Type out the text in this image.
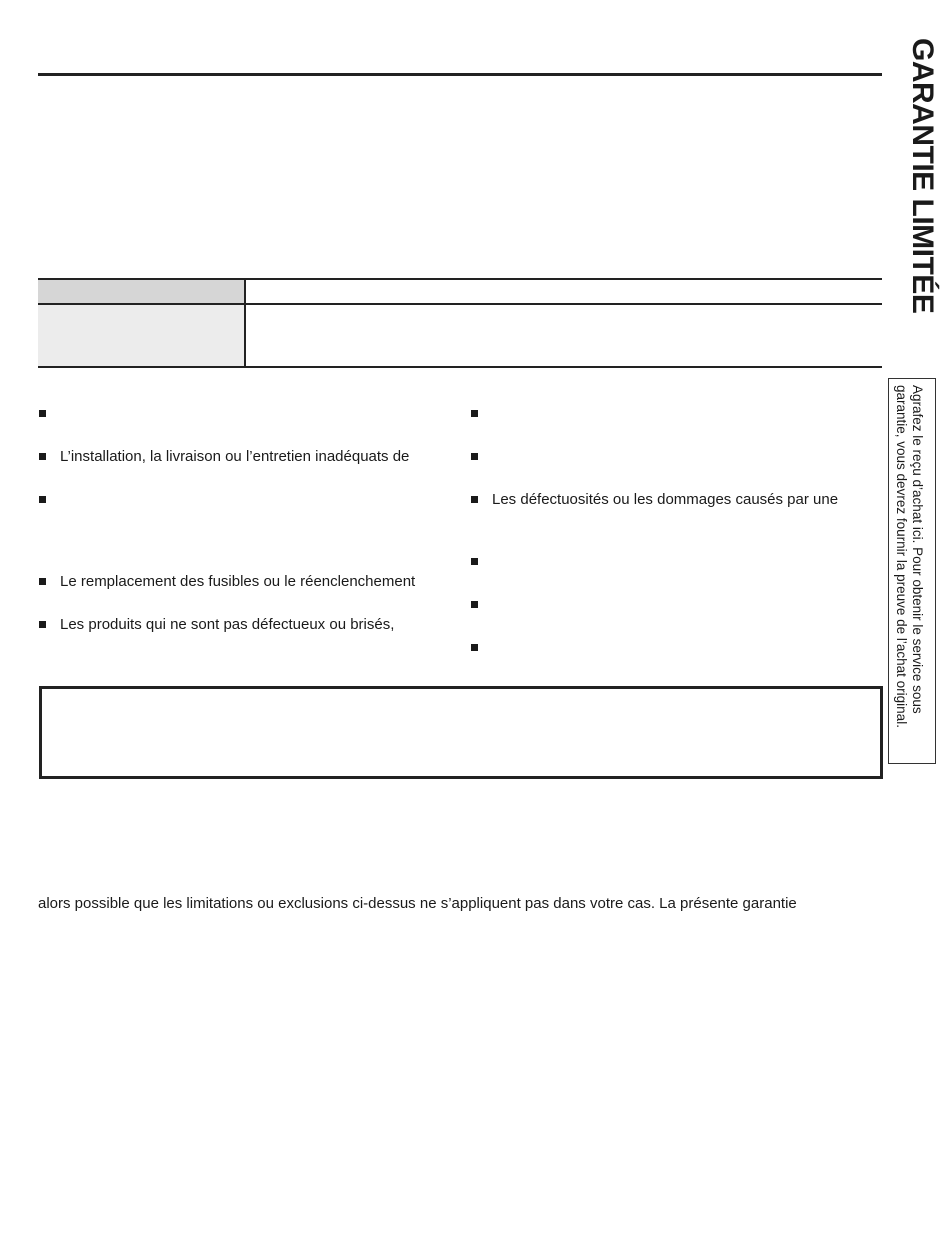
GARANTIE LIMITÉE
Agrafez le reçu d’achat ici. Pour obtenir le service sous
garantie, vous devrez fournir la preuve de l’achat original.

L’installation, la livraison ou l’entretien inadéquats de
Le remplacement des fusibles ou le réenclenchement
Les produits qui ne sont pas défectueux ou brisés,
Les défectuosités ou les dommages causés par une
alors possible que les limitations ou exclusions ci-dessus ne s’appliquent pas dans votre cas. La présente garantie
